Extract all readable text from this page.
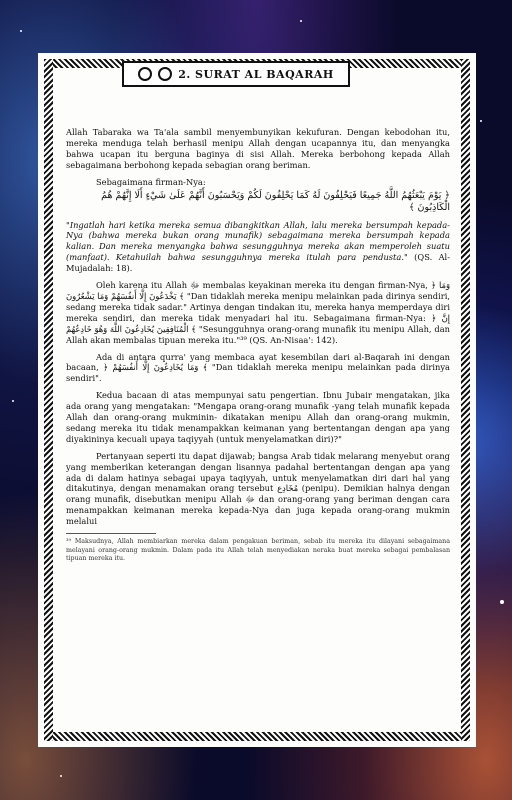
2. SURAT AL BAQARAH

Allah Tabaraka wa Ta'ala sambil menyembunyikan kekufuran. Dengan kebodohan itu, mereka menduga telah berhasil menipu Allah dengan ucapannya itu, dan menyangka bahwa ucapan itu berguna baginya di sisi Allah. Mereka berbohong kepada Allah sebagaimana berbohong kepada sebagian orang beriman.

Sebagaimana firman-Nya:

﴿ يَوْمَ يَبْعَثُهُمُ اللَّهُ جَمِيعًا فَيَحْلِفُونَ لَهُ كَمَا يَحْلِفُونَ لَكُمْ وَيَحْسَبُونَ أَنَّهُمْ عَلَىٰ شَيْءٍ أَلَا إِنَّهُمْ هُمُ الْكَاذِبُونَ ﴾

"Ingatlah hari ketika mereka semua dibangkitkan Allah, lalu mereka bersumpah kepada-Nya (bahwa mereka bukan orang munafik) sebagaimana mereka bersumpah kepada kalian. Dan mereka menyangka bahwa sesungguhnya mereka akan memperoleh suatu (manfaat). Ketahuilah bahwa sesungguhnya mereka itulah para pendusta." (QS. Al-Mujadalah: 18).

Oleh karena itu Allah ﷻ membalas keyakinan mereka itu dengan firman-Nya, ﴿ وَمَا يَخْدَعُونَ إِلَّا أَنفُسَهُمْ وَمَا يَشْعُرُونَ ﴾ "Dan tidaklah mereka menipu melainkan pada dirinya sendiri, sedang mereka tidak sadar." Artinya dengan tindakan itu, mereka hanya memperdaya diri mereka sendiri, dan mereka tidak menyadari hal itu. Sebagaimana firman-Nya: ﴿ إِنَّ الْمُنَافِقِينَ يُخَادِعُونَ اللَّهَ وَهُوَ خَادِعُهُمْ ﴾ "Sesungguhnya orang-orang munafik itu menipu Allah, dan Allah akan membalas tipuan mereka itu."³⁹ (QS. An-Nisaa': 142).

Ada di antara qurra' yang membaca ayat kesembilan dari al-Baqarah ini dengan bacaan, ﴿ وَمَا يُخَادِعُونَ إِلَّا أَنفُسَهُمْ ﴾ "Dan tidaklah mereka menipu melainkan pada dirinya sendiri".

Kedua bacaan di atas mempunyai satu pengertian. Ibnu Jubair mengatakan, jika ada orang yang mengatakan: "Mengapa orang-orang munafik -yang telah munafik kepada Allah dan orang-orang mukminin- dikatakan menipu Allah dan orang-orang mukmin, sedang mereka itu tidak menampakkan keimanan yang bertentangan dengan apa yang diyakininya kecuali upaya taqiyyah (untuk menyelamatkan diri)?"

Pertanyaan seperti itu dapat dijawab; bangsa Arab tidak melarang menyebut orang yang memberikan keterangan dengan lisannya padahal bertentangan dengan apa yang ada di dalam hatinya sebagai upaya taqiyyah, untuk menyelamatkan diri dari hal yang ditakutinya, dengan menamakan orang tersebut مُخَادِع (penipu). Demikian halnya dengan orang munafik, disebutkan menipu Allah ﷻ dan orang-orang yang beriman dengan cara menampakkan keimanan mereka kepada-Nya dan juga kepada orang-orang mukmin melalui

³⁹ Maksudnya, Allah membiarkan mereka dalam pengakuan beriman, sebab itu mereka itu dilayani sebagaimana melayani orang-orang mukmin. Dalam pada itu Allah telah menyediakan neraka buat mereka sebagai pembalasan tipuan mereka itu.
